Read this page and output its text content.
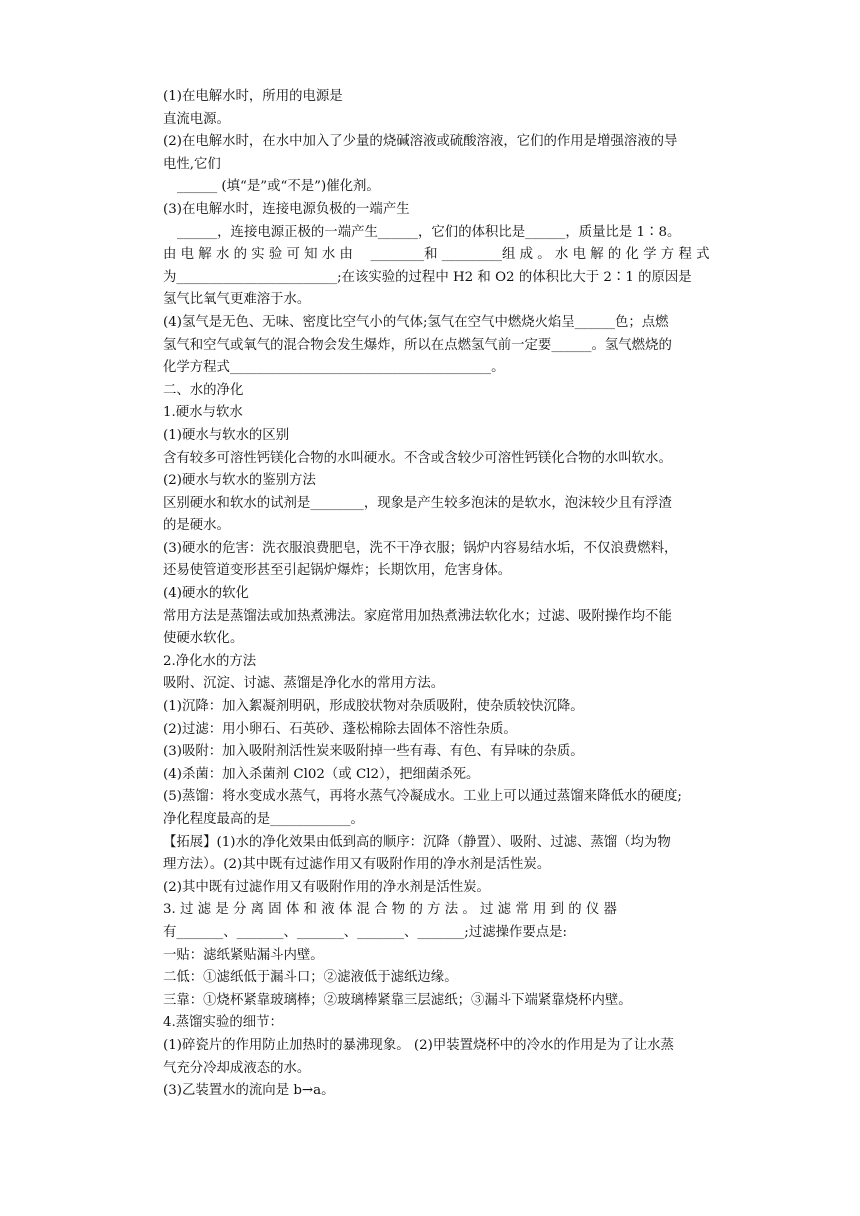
(1)在电解水时，所用的电源是
直流电源。
(2)在电解水时，在水中加入了少量的烧碱溶液或硫酸溶液，它们的作用是增强溶液的导
电性,它们
______ (填“是”或“不是”)催化剂。
(3)在电解水时，连接电源负极的一端产生
______，连接电源正极的一端产生______，它们的体积比是______，质量比是 1∶8。
由 电 解 水 的 实 验 可 知 水 由　 ________和 _________组 成 。 水 电 解 的 化 学 方 程 式
为________________________;在该实验的过程中 H2 和 O2 的体积比大于 2∶1 的原因是
氢气比氧气更难溶于水。
(4)氢气是无色、无味、密度比空气小的气体;氢气在空气中燃烧火焰呈______色；点燃
氢气和空气或氧气的混合物会发生爆炸，所以在点燃氢气前一定要______。氢气燃烧的
化学方程式_______________________________________。
二、水的净化
1.硬水与软水
(1)硬水与软水的区别
含有较多可溶性钙镁化合物的水叫硬水。不含或含较少可溶性钙镁化合物的水叫软水。
(2)硬水与软水的鉴别方法
区别硬水和软水的试剂是________，现象是产生较多泡沫的是软水，泡沫较少且有浮渣
的是硬水。
(3)硬水的危害：洗衣服浪费肥皂，洗不干净衣服；锅炉内容易结水垢，不仅浪费燃料，
还易使管道变形甚至引起锅炉爆炸；长期饮用，危害身体。
(4)硬水的软化
常用方法是蒸馏法或加热煮沸法。家庭常用加热煮沸法软化水；过滤、吸附操作均不能
使硬水软化。
2.净化水的方法
吸附、沉淀、讨滤、蒸馏是净化水的常用方法。
(1)沉降：加入絮凝剂明矾，形成胶状物对杂质吸附，使杂质较快沉降。
(2)过滤：用小卵石、石英砂、蓬松棉除去固体不溶性杂质。
(3)吸附：加入吸附剂活性炭来吸附掉一些有毒、有色、有异味的杂质。
(4)杀菌：加入杀菌剂 Cl02（或 Cl2），把细菌杀死。
(5)蒸馏：将水变成水蒸气，再将水蒸气冷凝成水。工业上可以通过蒸馏来降低水的硬度;
净化程度最高的是____________。
【拓展】(1)水的净化效果由低到高的顺序：沉降（静置）、吸附、过滤、蒸馏（均为物
理方法）。(2)其中既有过滤作用又有吸附作用的净水剂是活性炭。
(2)其中既有过滤作用又有吸附作用的净水剂是活性炭。
3. 过 滤 是 分 离 固 体 和 液 体 混 合 物 的 方 法 。 过 滤 常 用 到 的 仪 器
有_______、_______、_______、_______、_______;过滤操作要点是:
一贴：滤纸紧贴漏斗内壁。
二低：①滤纸低于漏斗口；②滤液低于滤纸边缘。
三靠：①烧杯紧靠玻璃棒；②玻璃棒紧靠三层滤纸；③漏斗下端紧靠烧杯内壁。
4.蒸馏实验的细节：
(1)碎瓷片的作用防止加热时的暴沸现象。 (2)甲装置烧杯中的冷水的作用是为了让水蒸
气充分冷却成液态的水。
(3)乙装置水的流向是 b→a。
